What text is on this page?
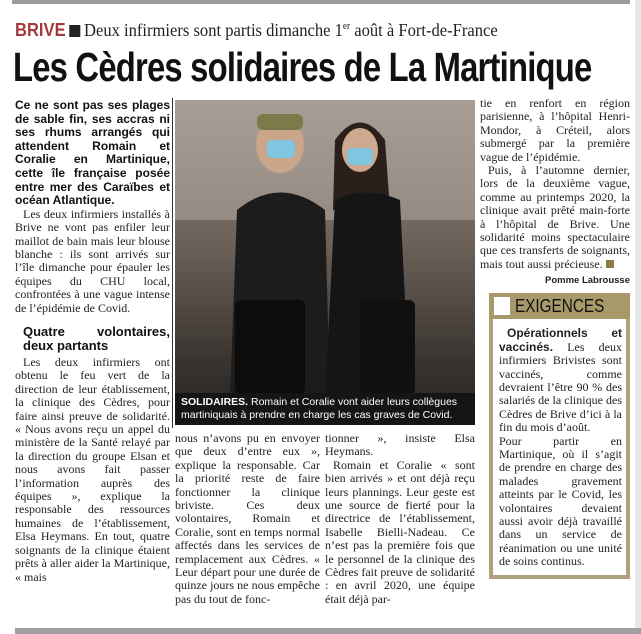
BRIVE Deux infirmiers sont partis dimanche 1er août à Fort-de-France
Les Cèdres solidaires de La Martinique
Ce ne sont pas ses plages de sable fin, ses accras ni ses rhums arrangés qui attendent Romain et Coralie en Martinique, cette île française posée entre mer des Caraïbes et océan Atlantique.

Les deux infirmiers installés à Brive ne vont pas enfiler leur maillot de bain mais leur blouse blanche : ils sont arrivés sur l’île dimanche pour épauler les équipes du CHU local, confrontées à une vague intense de l’épidémie de Covid.

Quatre volontaires, deux partants

Les deux infirmiers ont obtenu le feu vert de la direction de leur établissement, la clinique des Cèdres, pour faire ainsi preuve de solidarité. « Nous avons reçu un appel du ministère de la Santé relayé par la direction du groupe Elsan et nous avons fait passer l’information auprès des équipes », explique la responsable des ressources humaines de l’établissement, Elsa Heymans. En tout, quatre soignants de la clinique étaient prêts à aller aider la Martinique, « mais

SOLIDAIRES. Romain et Coralie vont aider leurs collègues martiniquais à prendre en charge les cas graves de Covid.

nous n’avons pu en envoyer que deux d’entre eux », explique la responsable. Car la priorité reste de faire fonctionner la clinique briviste. Ces deux volontaires, Romain et Coralie, sont en temps normal affectés dans les services de remplacement aux Cèdres. « Leur départ pour une durée de quinze jours ne nous empêche pas du tout de fonc-

tionner », insiste Elsa Heymans.

Romain et Coralie « sont bien arrivés » et ont déjà reçu leurs plannings. Leur geste est une source de fierté pour la directrice de l’établissement, Isabelle Bielli-Nadeau. Ce n’est pas la première fois que le personnel de la clinique des Cèdres fait preuve de solidarité : en avril 2020, une équipe était déjà par-

tie en renfort en région parisienne, à l’hôpital Henri-Mondor, à Créteil, alors submergé par la première vague de l’épidémie.

Puis, à l’automne dernier, lors de la deuxième vague, comme au printemps 2020, la clinique avait prêté main-forte à l’hôpital de Brive. Une solidarité moins spectaculaire que ces transferts de soignants, mais tout aussi précieuse.

Pomme Labrousse
EXIGENCES

Opérationnels et vaccinés. Les deux infirmiers Brivistes sont vaccinés, comme devraient l’être 90 % des salariés de la clinique des Cèdres de Brive d’ici à la fin du mois d’août.

Pour partir en Martinique, où il s’agit de prendre en charge des malades gravement atteints par le Covid, les volontaires devaient aussi avoir déjà travaillé dans un service de réanimation ou une unité de soins continus.
